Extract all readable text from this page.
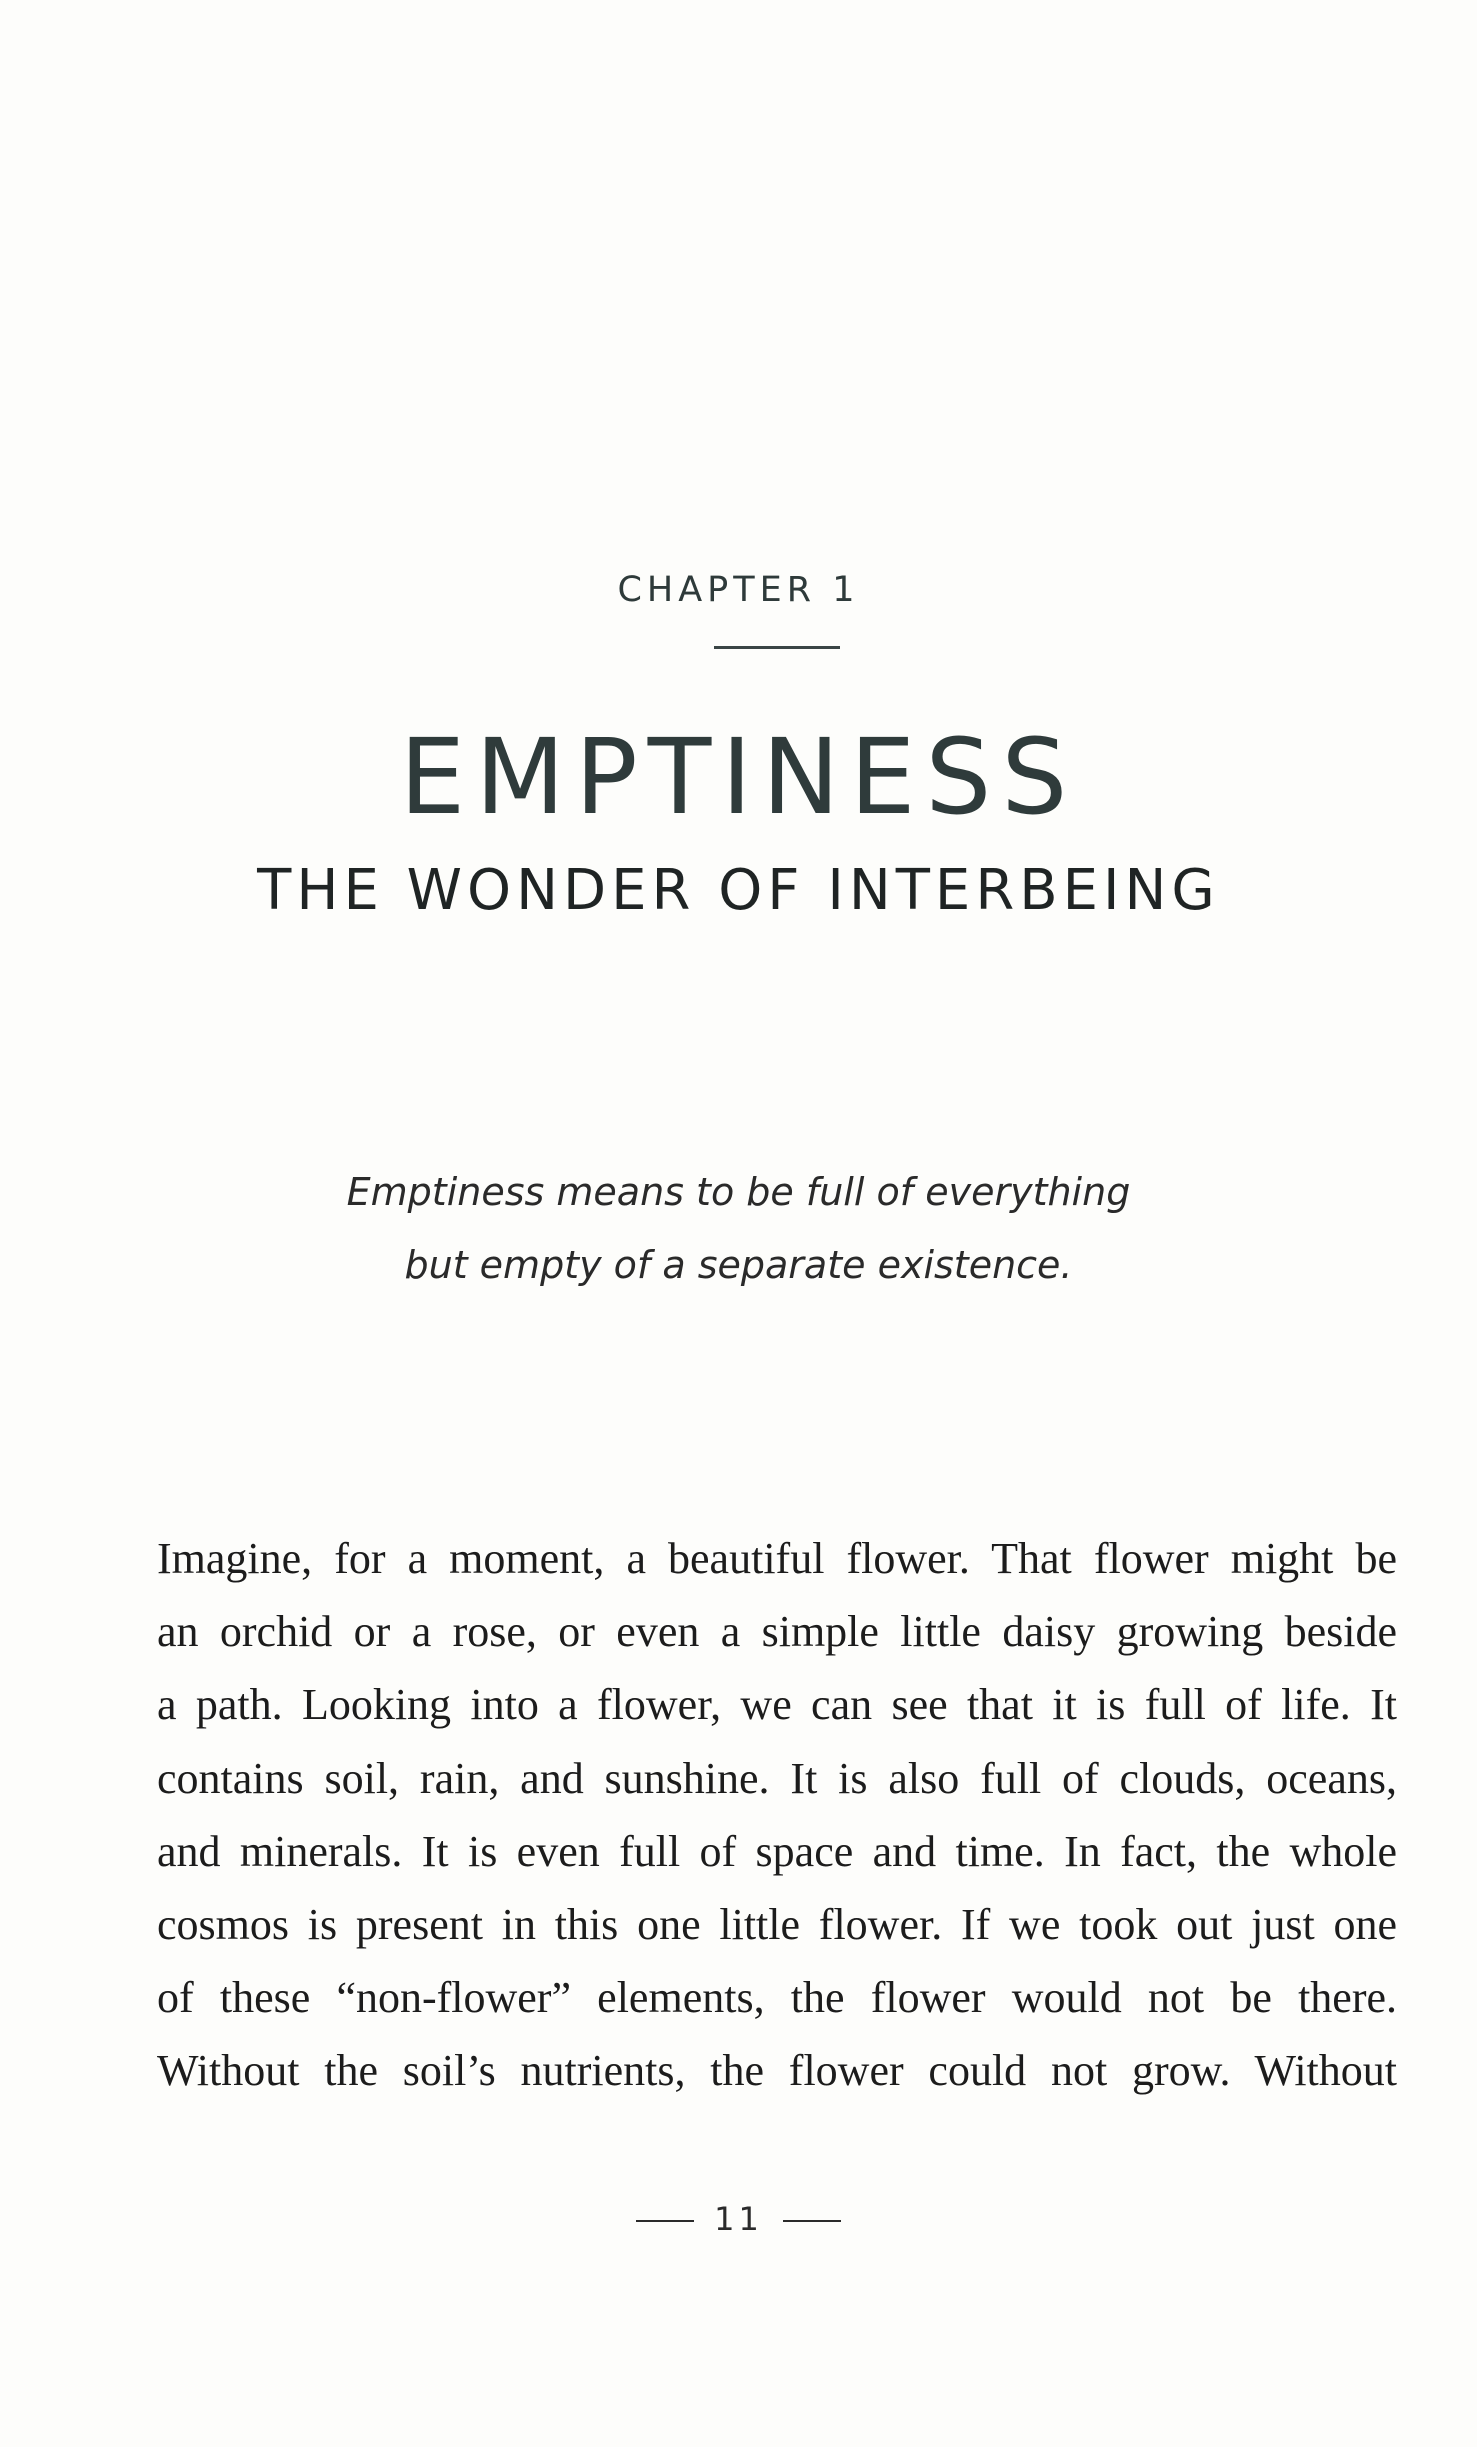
CHAPTER 1
EMPTINESS
THE WONDER OF INTERBEING
Emptiness means to be full of everything
but empty of a separate existence.
Imagine, for a moment, a beautiful flower. That flower might be
an orchid or a rose, or even a simple little daisy growing beside
a path. Looking into a flower, we can see that it is full of life. It
contains soil, rain, and sunshine. It is also full of clouds, oceans,
and minerals. It is even full of space and time. In fact, the whole
cosmos is present in this one little flower. If we took out just one
of these “non-flower” elements, the flower would not be there.
Without the soil’s nutrients, the flower could not grow. Without
11
